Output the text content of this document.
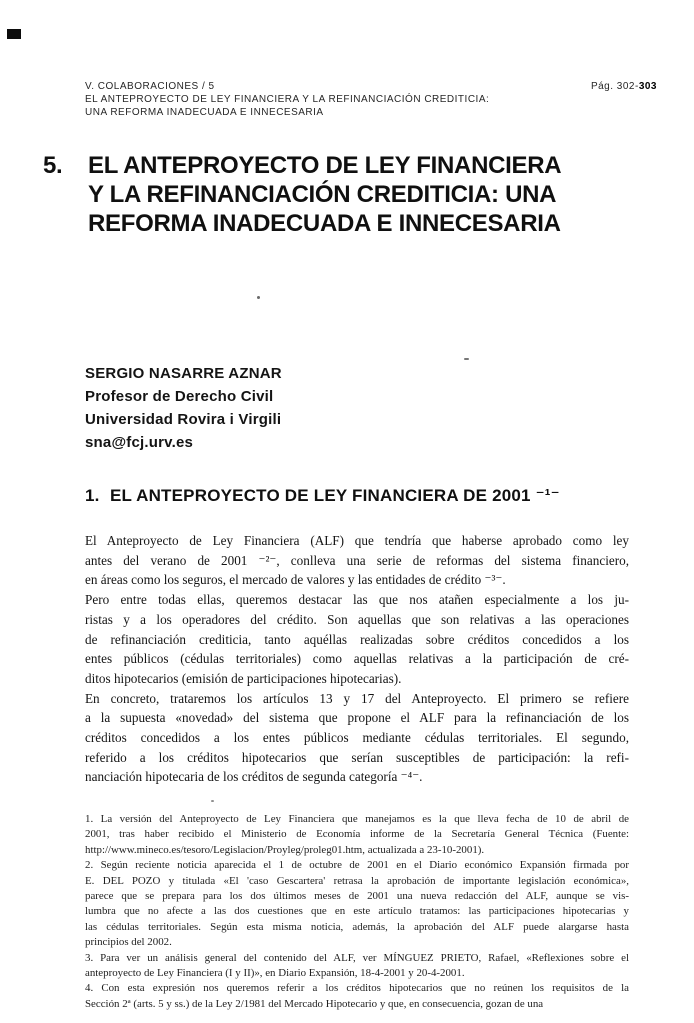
V. COLABORACIONES / 5	Pág. 302-303
EL ANTEPROYECTO DE LEY FINANCIERA Y LA REFINANCIACIÓN CREDITICIA:
UNA REFORMA INADECUADA E INNECESARIA
5.	EL ANTEPROYECTO DE LEY FINANCIERA
Y LA REFINANCIACIÓN CREDITICIA: UNA
REFORMA INADECUADA E INNECESARIA
SERGIO NASARRE AZNAR
Profesor de Derecho Civil
Universidad Rovira i Virgili
sna@fcj.urv.es
1. EL ANTEPROYECTO DE LEY FINANCIERA DE 2001 ⁻¹⁻
El Anteproyecto de Ley Financiera (ALF) que tendría que haberse aprobado como ley
antes del verano de 2001 ⁻²⁻, conlleva una serie de reformas del sistema financiero,
en áreas como los seguros, el mercado de valores y las entidades de crédito ⁻³⁻.
Pero entre todas ellas, queremos destacar las que nos atañen especialmente a los ju-
ristas y a los operadores del crédito. Son aquellas que son relativas a las operaciones
de refinanciación crediticia, tanto aquéllas realizadas sobre créditos concedidos a los
entes públicos (cédulas territoriales) como aquellas relativas a la participación de cré-
ditos hipotecarios (emisión de participaciones hipotecarias).
En concreto, trataremos los artículos 13 y 17 del Anteproyecto. El primero se refiere
a la supuesta «novedad» del sistema que propone el ALF para la refinanciación de los
créditos concedidos a los entes públicos mediante cédulas territoriales. El segundo,
referido a los créditos hipotecarios que serían susceptibles de participación: la refi-
nanciación hipotecaria de los créditos de segunda categoría ⁻⁴⁻.
1. La versión del Anteproyecto de Ley Financiera que manejamos es la que lleva fecha de 10 de abril de
2001, tras haber recibido el Ministerio de Economía informe de la Secretaría General Técnica (Fuente:
http://www.mineco.es/tesoro/Legislacion/Proyleg/proleg01.htm, actualizada a 23-10-2001).
2. Según reciente noticia aparecida el 1 de octubre de 2001 en el Diario económico Expansión firmada por
E. DEL POZO y titulada «El 'caso Gescartera' retrasa la aprobación de importante legislación económica»,
parece que se prepara para los dos últimos meses de 2001 una nueva redacción del ALF, aunque se vis-
lumbra que no afecte a las dos cuestiones que en este artículo tratamos: las participaciones hipotecarias y
las cédulas territoriales. Según esta misma noticia, además, la aprobación del ALF puede alargarse hasta
principios del 2002.
3. Para ver un análisis general del contenido del ALF, ver MÍNGUEZ PRIETO, Rafael, «Reflexiones sobre el
anteproyecto de Ley Financiera (I y II)», en Diario Expansión, 18-4-2001 y 20-4-2001.
4. Con esta expresión nos queremos referir a los créditos hipotecarios que no reúnen los requisitos de la
Sección 2ª (arts. 5 y ss.) de la Ley 2/1981 del Mercado Hipotecario y que, en consecuencia, gozan de una
